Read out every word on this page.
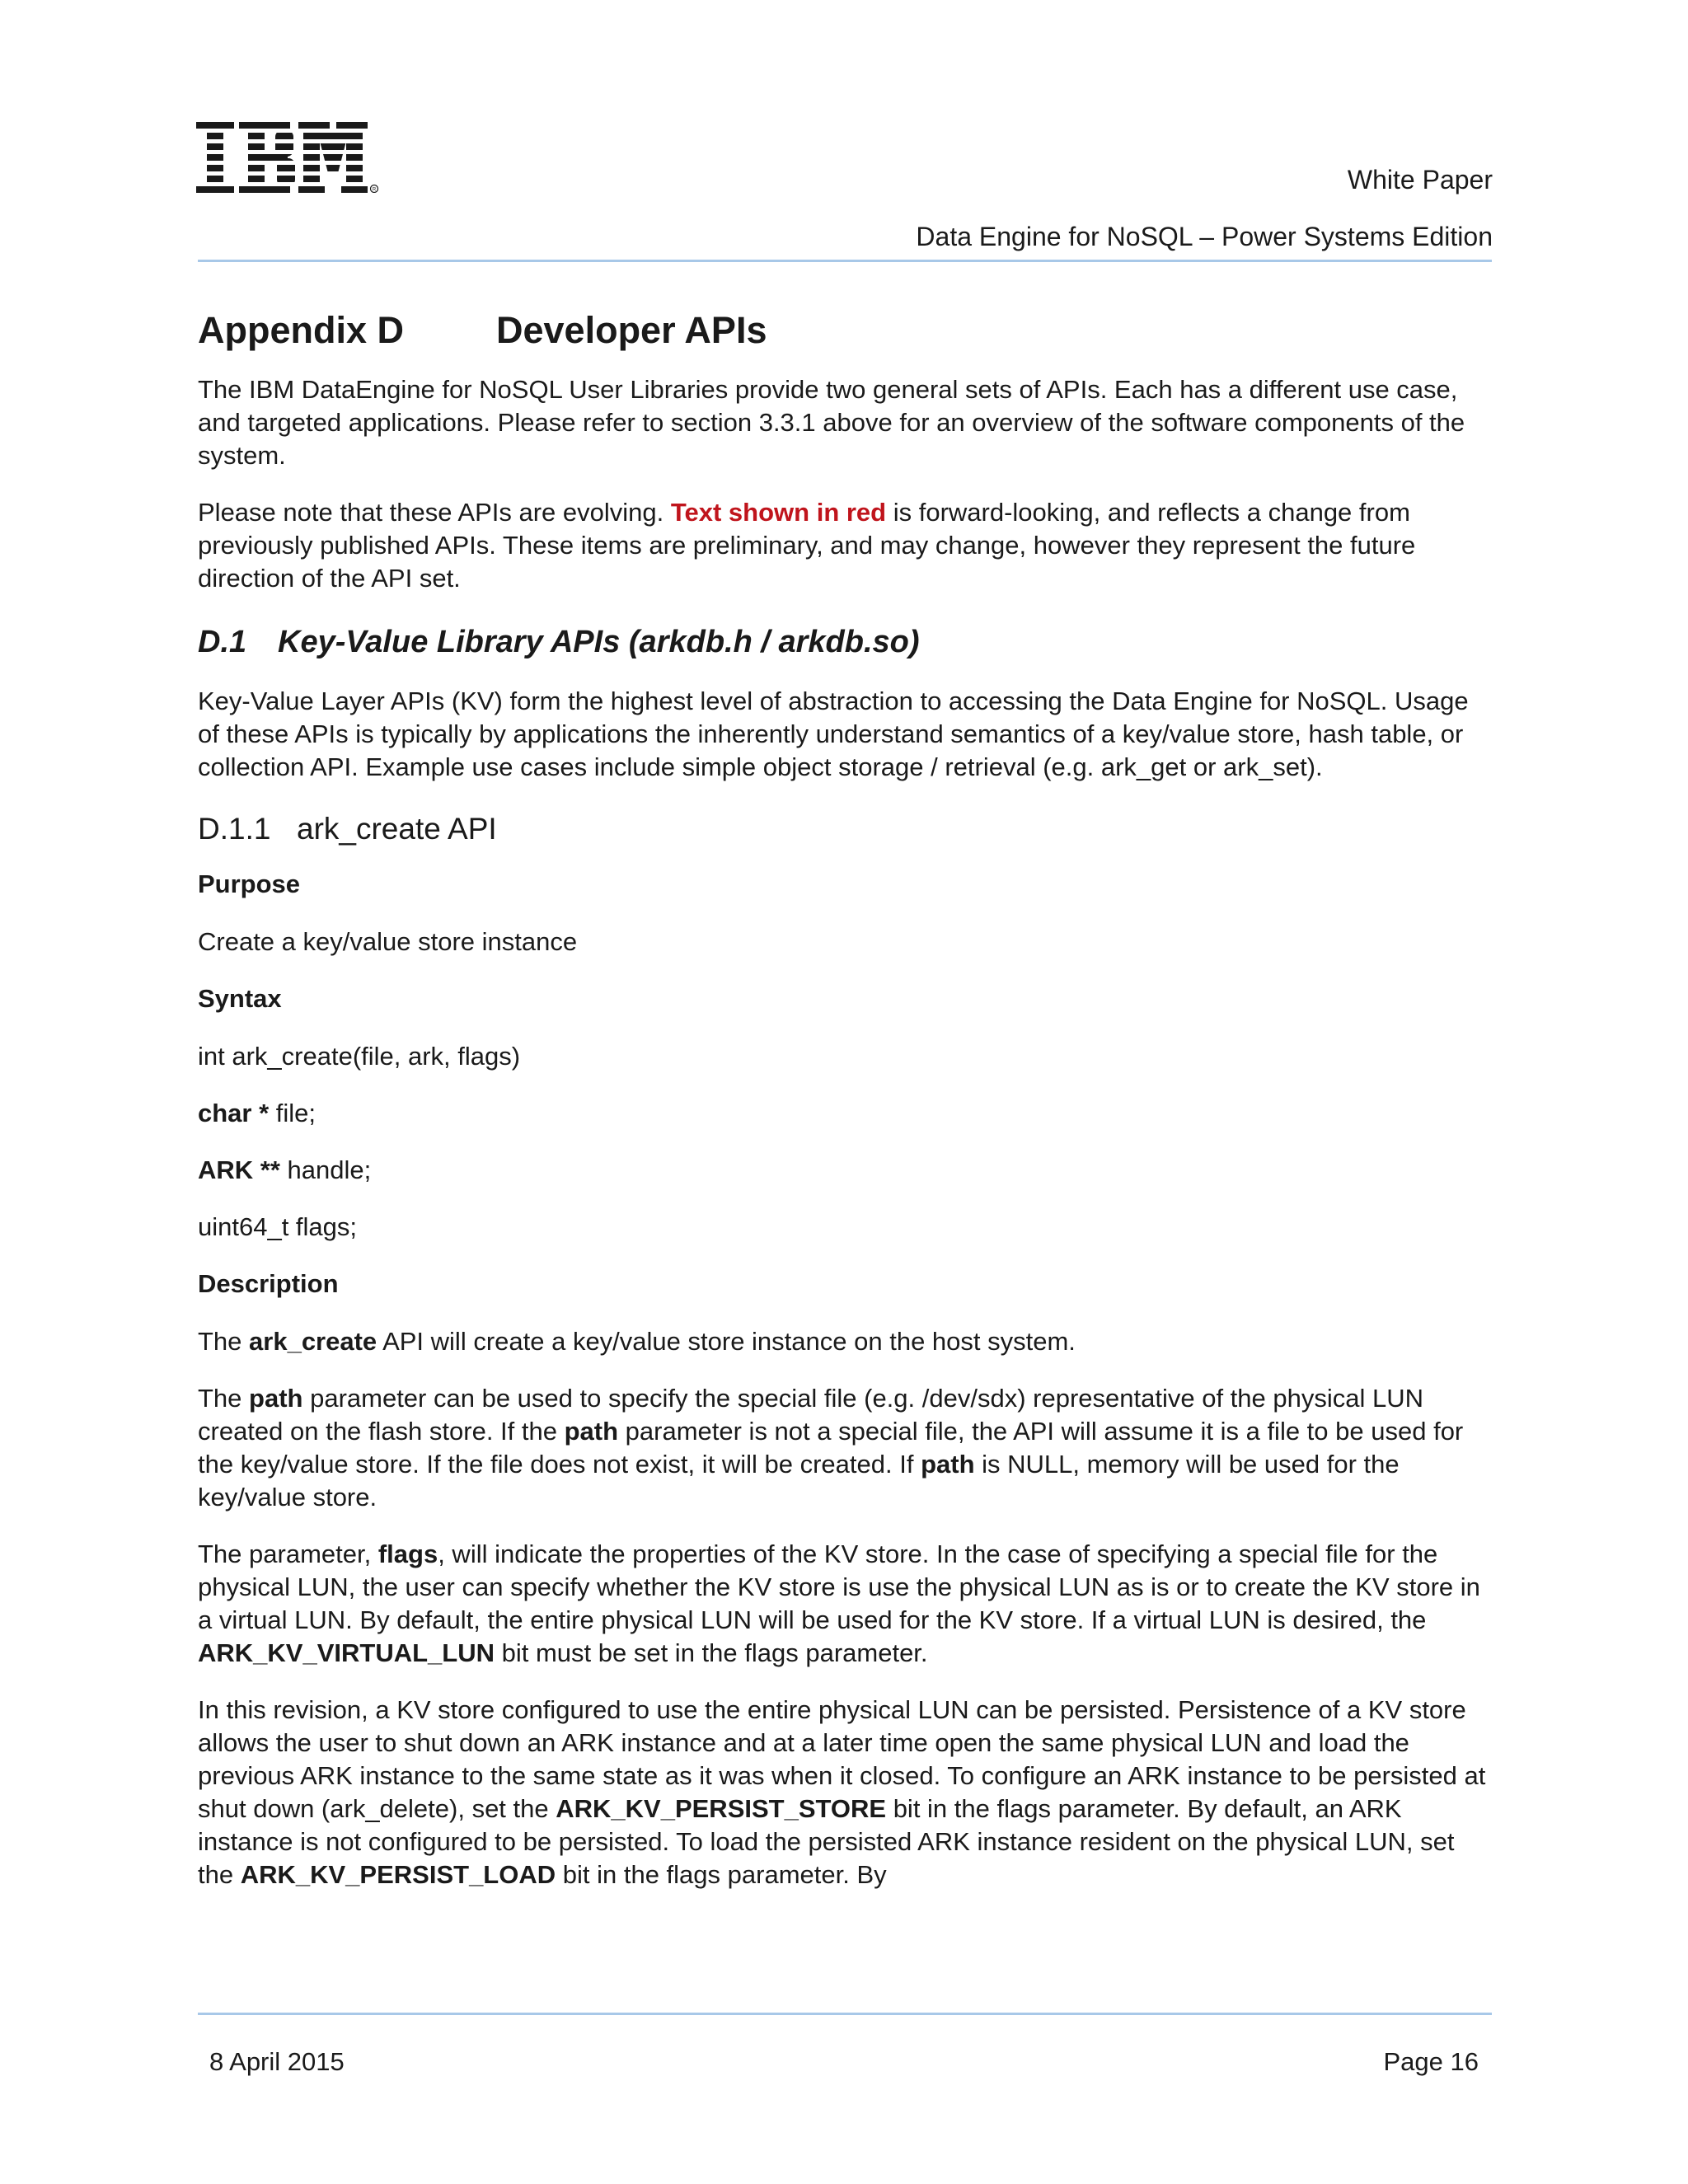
R	White Paper
Data Engine for NoSQL – Power Systems Edition
Appendix D Developer APIs

The IBM DataEngine for NoSQL User Libraries provide two general sets of APIs. Each has a different use case, and targeted applications. Please refer to section 3.3.1 above for an overview of the software components of the system.

Please note that these APIs are evolving. Text shown in red is forward-looking, and reflects a change from previously published APIs. These items are preliminary, and may change, however they represent the future direction of the API set.

D.1 Key-Value Library APIs (arkdb.h / arkdb.so)

Key-Value Layer APIs (KV) form the highest level of abstraction to accessing the Data Engine for NoSQL. Usage of these APIs is typically by applications the inherently understand semantics of a key/value store, hash table, or collection API. Example use cases include simple object storage / retrieval (e.g. ark_get or ark_set).

D.1.1 ark_create API
Purpose

Create a key/value store instance

Syntax

int ark_create(file, ark, flags)

char * file;

ARK ** handle;

uint64_t flags;

Description

The ark_create API will create a key/value store instance on the host system.

The path parameter can be used to specify the special file (e.g. /dev/sdx) representative of the physical LUN created on the flash store. If the path parameter is not a special file, the API will assume it is a file to be used for the key/value store. If the file does not exist, it will be created. If path is NULL, memory will be used for the key/value store.

The parameter, flags, will indicate the properties of the KV store. In the case of specifying a special file for the physical LUN, the user can specify whether the KV store is use the physical LUN as is or to create the KV store in a virtual LUN. By default, the entire physical LUN will be used for the KV store. If a virtual LUN is desired, the ARK_KV_VIRTUAL_LUN bit must be set in the flags parameter.

In this revision, a KV store configured to use the entire physical LUN can be persisted. Persistence of a KV store allows the user to shut down an ARK instance and at a later time open the same physical LUN and load the previous ARK instance to the same state as it was when it closed. To configure an ARK instance to be persisted at shut down (ark_delete), set the ARK_KV_PERSIST_STORE bit in the flags parameter. By default, an ARK instance is not configured to be persisted. To load the persisted ARK instance resident on the physical LUN, set the ARK_KV_PERSIST_LOAD bit in the flags parameter. By

8 April 2015	Page 16
